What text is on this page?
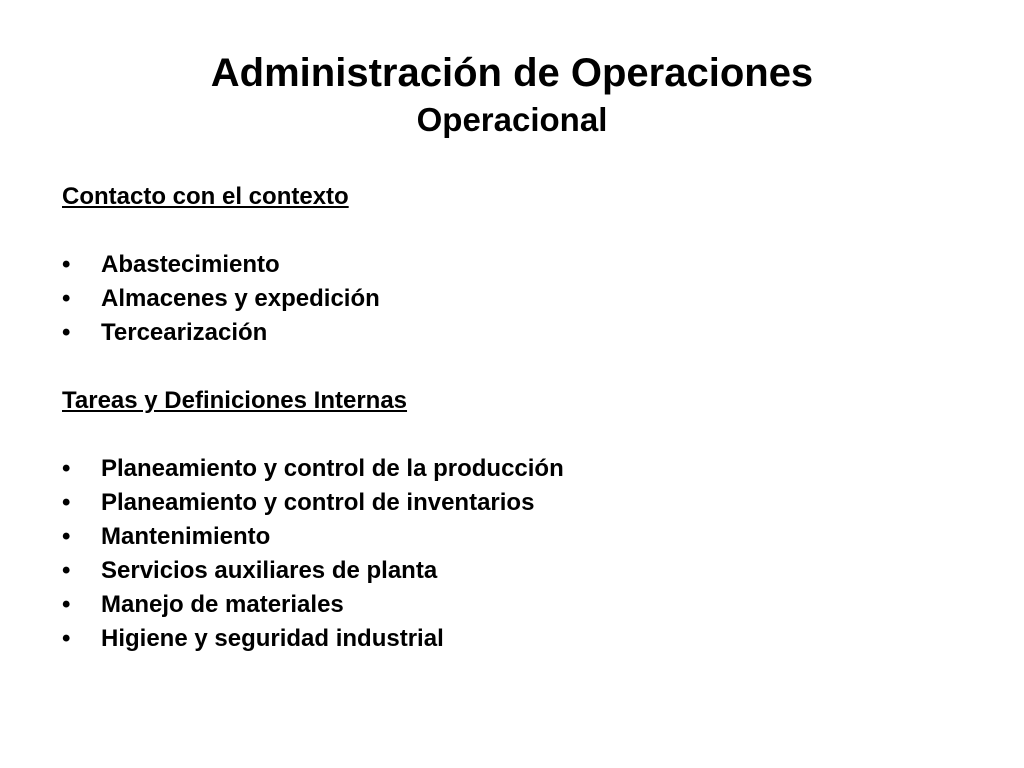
Administración de Operaciones
Operacional

Contacto con el contexto

• Abastecimiento
• Almacenes y expedición
• Tercearización

Tareas y Definiciones Internas

• Planeamiento y control de la producción
• Planeamiento y control de inventarios
• Mantenimiento
• Servicios auxiliares de planta
• Manejo de materiales
• Higiene y seguridad industrial
